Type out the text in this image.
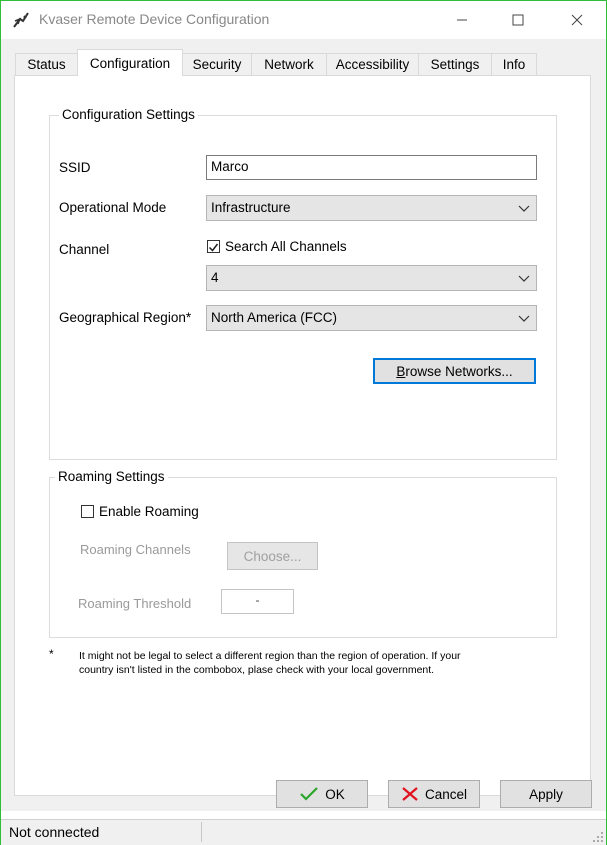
Kvaser Remote Device Configuration
Status Configuration Security Network Accessibility Settings Info
Configuration Settings
SSID	Marco
Operational Mode	Infrastructure
Channel	Search All Channels
4
Geographical Region*	North America (FCC)
Browse Networks...
Roaming Settings
Enable Roaming
Roaming Channels	Choose...
Roaming Threshold	-
* It might not be legal to select a different region than the region of operation. If your
country isn't listed in the combobox, plase check with your local government.
OK	Cancel	Apply
Not connected
